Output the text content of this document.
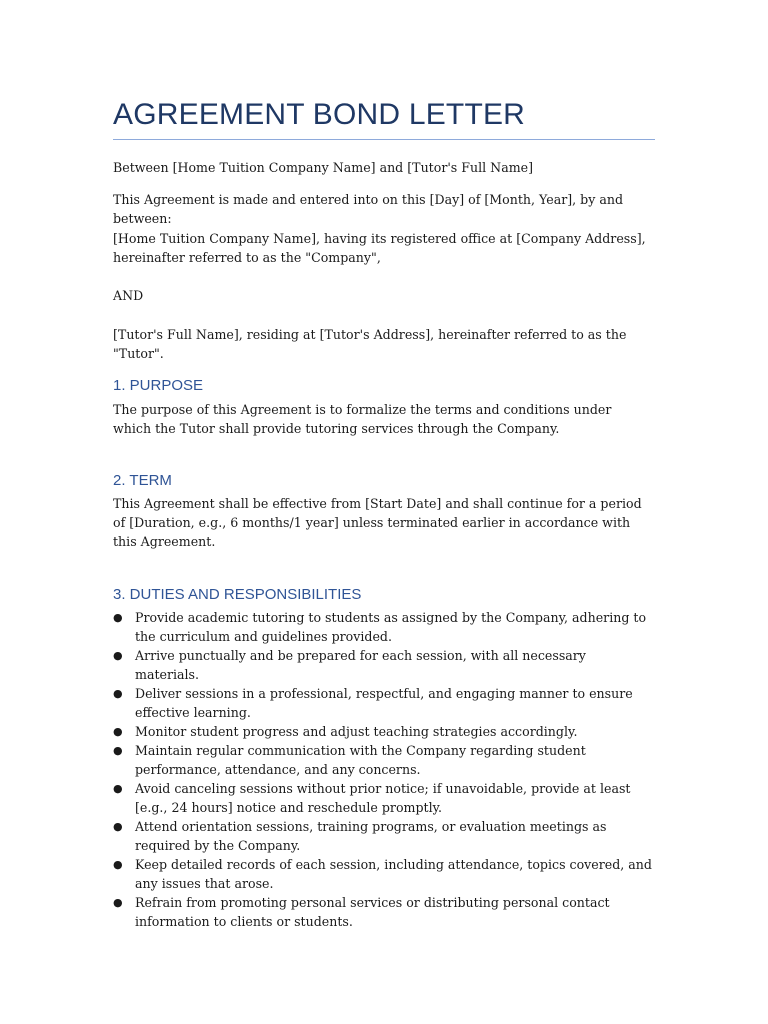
AGREEMENT BOND LETTER

Between [Home Tuition Company Name] and [Tutor's Full Name]

This Agreement is made and entered into on this [Day] of [Month, Year], by and between:

[Home Tuition Company Name], having its registered office at [Company Address], hereinafter referred to as the "Company",

AND

[Tutor's Full Name], residing at [Tutor's Address], hereinafter referred to as the "Tutor".

1. PURPOSE

The purpose of this Agreement is to formalize the terms and conditions under which the Tutor shall provide tutoring services through the Company.

2. TERM

This Agreement shall be effective from [Start Date] and shall continue for a period of [Duration, e.g., 6 months/1 year] unless terminated earlier in accordance with this Agreement.

3. DUTIES AND RESPONSIBILITIES
● Provide academic tutoring to students as assigned by the Company, adhering to the curriculum and guidelines provided.
● Arrive punctually and be prepared for each session, with all necessary materials.
● Deliver sessions in a professional, respectful, and engaging manner to ensure effective learning.
● Monitor student progress and adjust teaching strategies accordingly.
● Maintain regular communication with the Company regarding student performance, attendance, and any concerns.
● Avoid canceling sessions without prior notice; if unavoidable, provide at least [e.g., 24 hours] notice and reschedule promptly.
● Attend orientation sessions, training programs, or evaluation meetings as required by the Company.
● Keep detailed records of each session, including attendance, topics covered, and any issues that arose.
● Refrain from promoting personal services or distributing personal contact information to clients or students.
